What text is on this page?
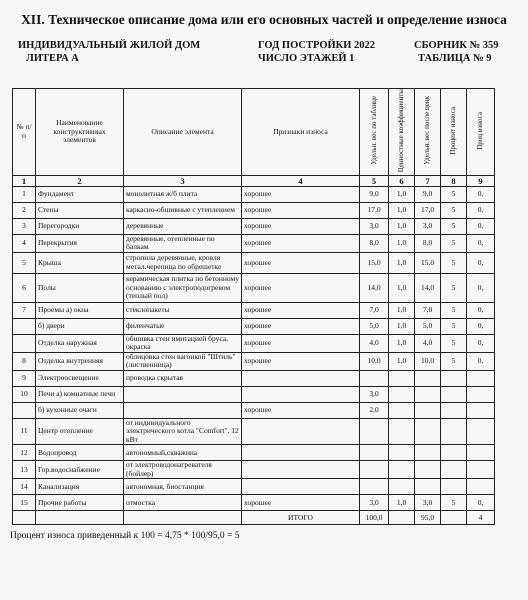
XII. Техническое описание дома или его основных частей и определение износа
ИНДИВИДУАЛЬНЫЙ ЖИЛОЙ ДОМ
ЛИТЕРА А
ГОД ПОСТРОЙКИ 2022
ЧИСЛО ЭТАЖЕЙ 1
СБОРНИК № 359
ТАБЛИЦА № 9
№ п/п	Наименование конструктивных элементов	Описание элемента	Признаки износа	Удельн. вес по таблице	Ценностные коэффициенты	Удельн. вес после ценк	Процент износа	Проц износа
1	2	3	4	5	6	7	8	9
1	Фундамент	монолитная ж/б плита	хорошее	9,0	1,0	9,0	5	0,
2	Стены	каркасно-обшивные с утеплением	хорошее	17,0	1,0	17,0	5	0,
3	Перегородки	деревянные	хорошее	3,0	1,0	3,0	5	0,
4	Перекрытия	деревянные, отепленные по балкам	хорошее	8,0	1,0	8,0	5	0,
5	Крыша	стропила деревянные, кровля метал.черепица по обрешетке	хорошее	15,0	1,0	15,0	5	0,
6	Полы	керамическая плитка по бетонному основанию с электроподогревом (теплый пол)	хорошее	14,0	1,0	14,0	5	0,
7	Проемы а) окна	стеклопакеты	хорошее	7,0	1,0	7,0	5	0,
	б) двери	филенчатые	хорошее	5,0	1,0	5,0	5	0,
	Отделка наружная	обшивка стен имитацией бруса, окраска	хорошее	4,0	1,0	4,0	5	0,
8	Отделка внутренняя	облицовка стен вагонкой "Штиль" (лиственница)	хорошее	10,0	1,0	10,0	5	0,
9	Электроосвещение	проводка скрытая						
10	Печи а) комнатные печи			3,0				
	б) кухонные очаги		хорошее	2,0				
11	Центр отопление	от индивидуального электрического котла "Comfort", 12 кВт						
12	Водопровод	автономный,скважина						
13	Гор.водоснабжение	от электроводонагревателя (бойлер)						
14	Канализация	автономная, биостанция						
15	Прочие работы	отмостка	хорошее	3,0	1,0	3,0	5	0,
			ИТОГО	100,0		95,0		4
Процент износа приведенный к 100 = 4,75 * 100/95,0 = 5
